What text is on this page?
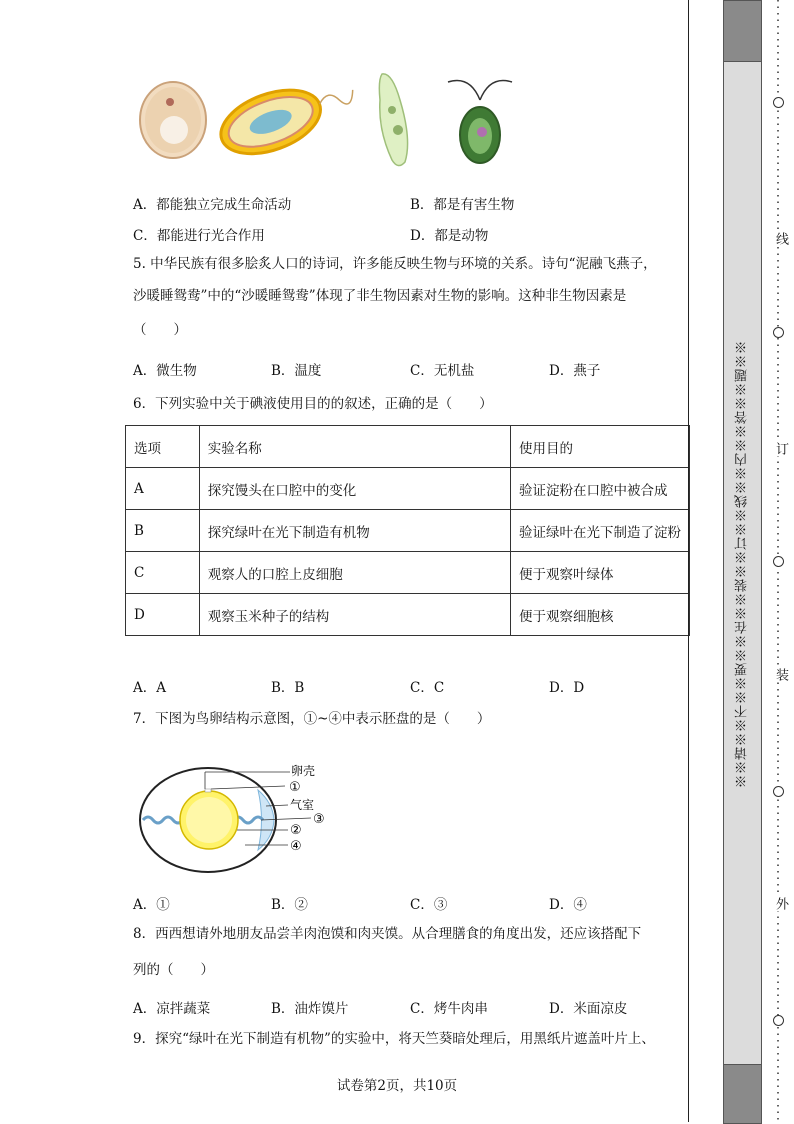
A．都能独立完成生命活动	B．都是有害生物
C．都能进行光合作用	D．都是动物
5. 中华民族有很多脍炙人口的诗词，许多能反映生物与环境的关系。诗句“泥融飞燕子，
沙暖睡鸳鸯”中的“沙暖睡鸳鸯”体现了非生物因素对生物的影响。这种非生物因素是
（　　）
A．微生物	B．温度	C．无机盐	D．燕子
6．下列实验中关于碘液使用目的的叙述，正确的是（　　）
选项	实验名称	使用目的
A	探究馒头在口腔中的变化	验证淀粉在口腔中被合成
B	探究绿叶在光下制造有机物	验证绿叶在光下制造了淀粉
C	观察人的口腔上皮细胞	便于观察叶绿体
D	观察玉米种子的结构	便于观察细胞核
A．A	B．B	C．C	D．D
7．下图为鸟卵结构示意图，①~④中表示胚盘的是（　　）
卵壳
①
气室
③
②
④
A．①	B．②	C．③	D．④
8．西西想请外地朋友品尝羊肉泡馍和肉夹馍。从合理膳食的角度出发，还应该搭配下
列的（　　）
A．凉拌蔬菜	B．油炸馍片	C．烤牛肉串	D．米面凉皮
9．探究“绿叶在光下制造有机物”的实验中，将天竺葵暗处理后，用黑纸片遮盖叶片上、
试卷第2页，共10页
※※请※※不※※要※※在※※装※※订※※线※※内※※答※※题※※
线
订
装
外
